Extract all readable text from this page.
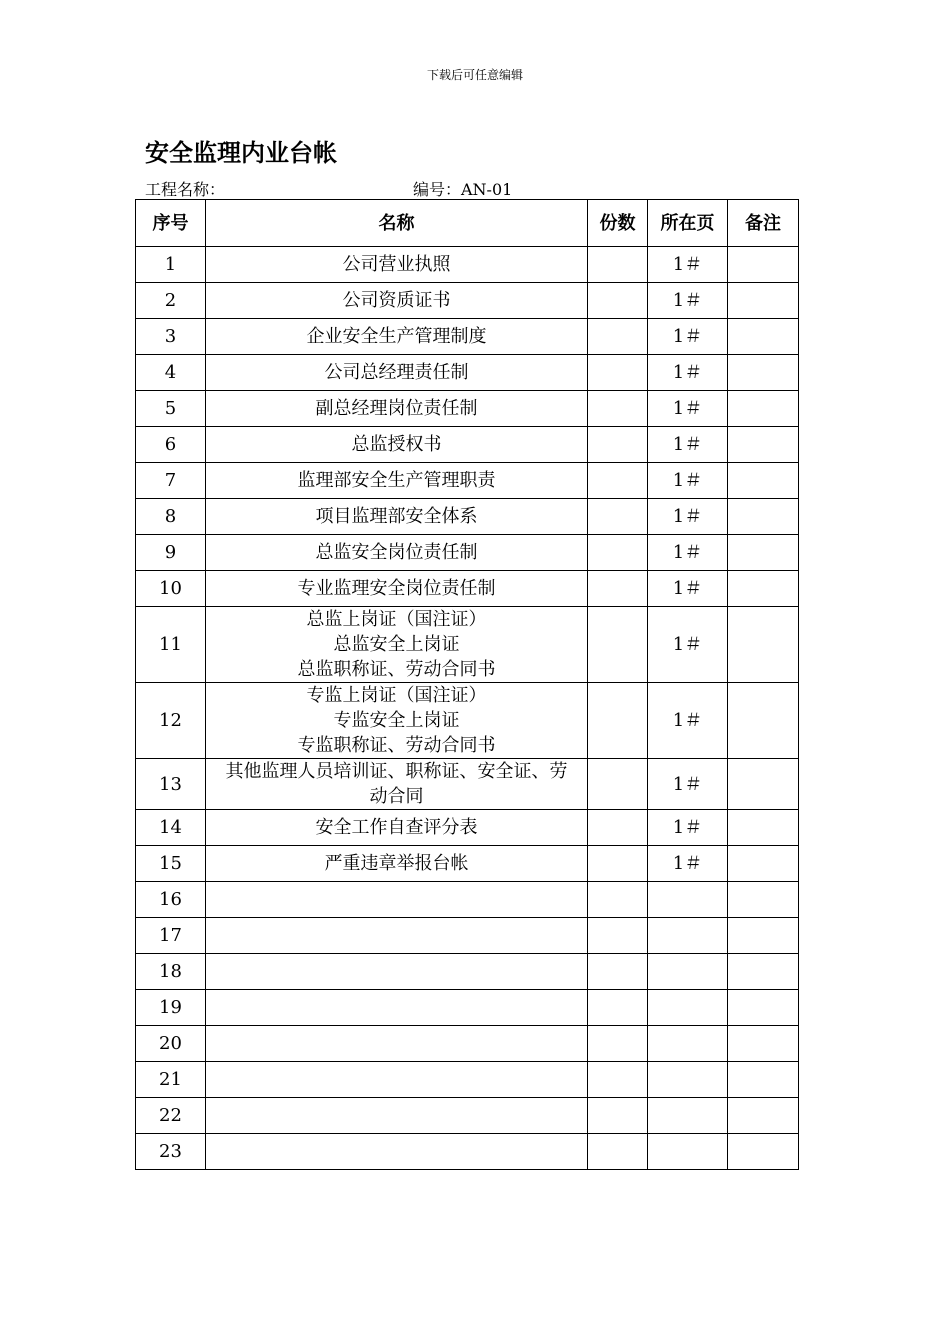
下载后可任意编辑
安全监理内业台帐
工程名称：	编号：AN-01
序号	名称	份数	所在页	备注
1	公司营业执照		1＃	
2	公司资质证书		1＃	
3	企业安全生产管理制度		1＃	
4	公司总经理责任制		1＃	
5	副总经理岗位责任制		1＃	
6	总监授权书		1＃	
7	监理部安全生产管理职责		1＃	
8	项目监理部安全体系		1＃	
9	总监安全岗位责任制		1＃	
10	专业监理安全岗位责任制		1＃	
11	总监上岗证（国注证）
总监安全上岗证
总监职称证、劳动合同书		1＃	
12	专监上岗证（国注证）
专监安全上岗证
专监职称证、劳动合同书		1＃	
13	其他监理人员培训证、职称证、安全证、劳
动合同		1＃	
14	安全工作自查评分表		1＃	
15	严重违章举报台帐		1＃	
16				
17				
18				
19				
20				
21				
22				
23				
